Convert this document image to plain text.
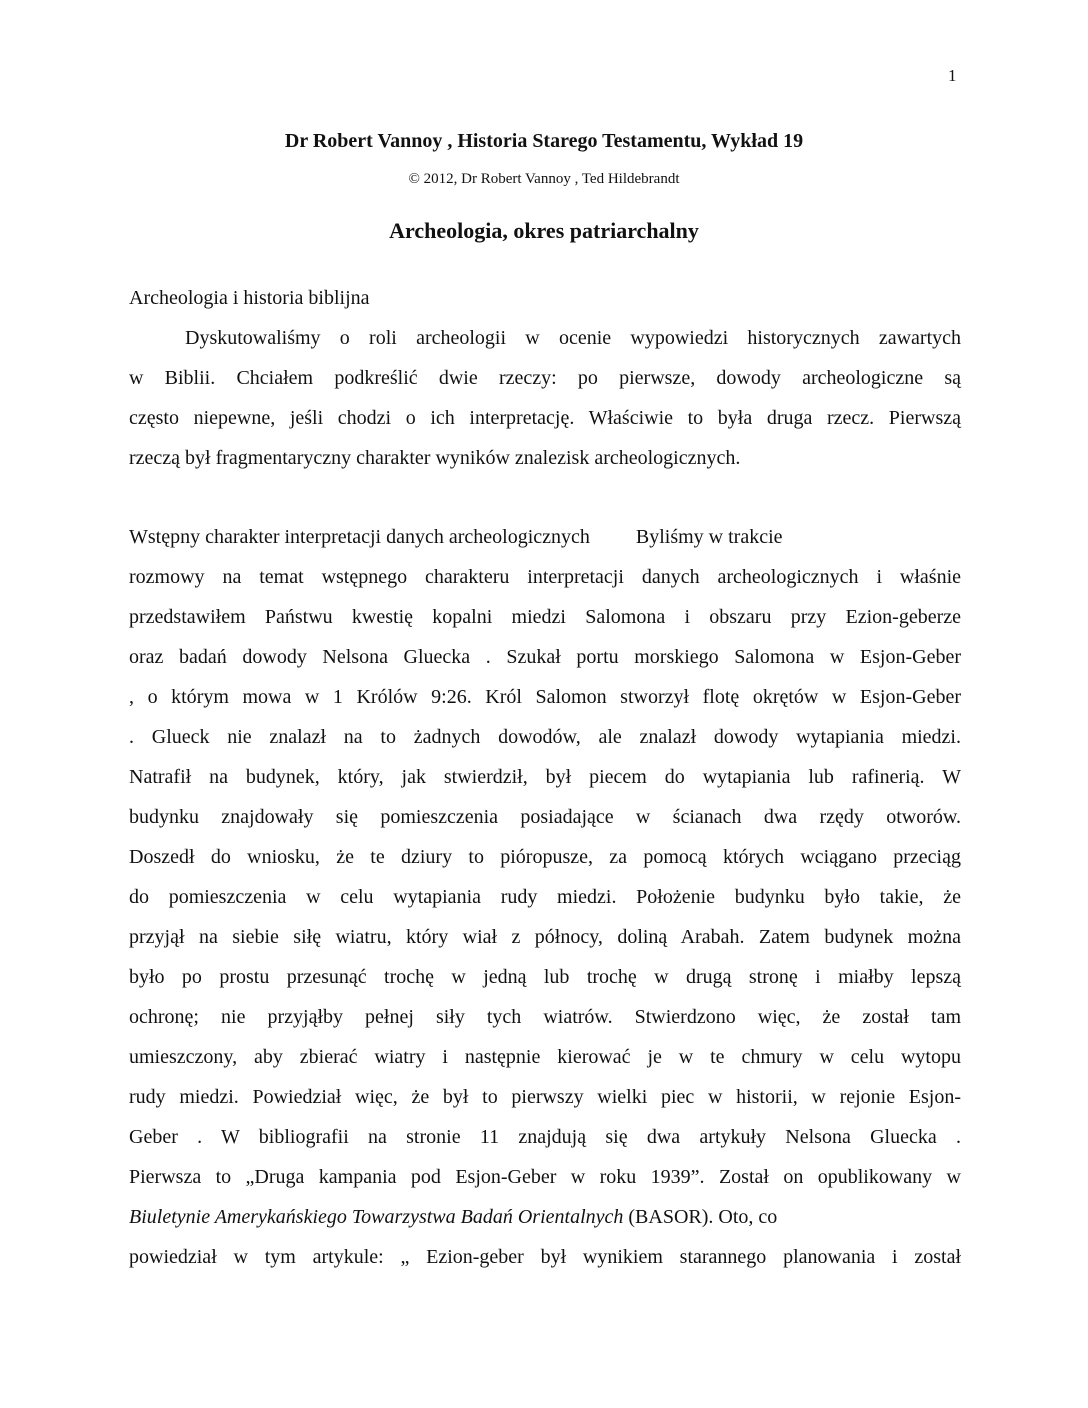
1
Dr Robert Vannoy , Historia Starego Testamentu, Wykład 19
© 2012, Dr Robert Vannoy , Ted Hildebrandt
Archeologia, okres patriarchalny
Archeologia i historia biblijna
Dyskutowaliśmy o roli archeologii w ocenie wypowiedzi historycznych zawartych
w Biblii. Chciałem podkreślić dwie rzeczy: po pierwsze, dowody archeologiczne są
często niepewne, jeśli chodzi o ich interpretację. Właściwie to była druga rzecz. Pierwszą
rzeczą był fragmentaryczny charakter wyników znalezisk archeologicznych.
Wstępny charakter interpretacji danych archeologicznych Byliśmy w trakcie
rozmowy na temat wstępnego charakteru interpretacji danych archeologicznych i właśnie
przedstawiłem Państwu kwestię kopalni miedzi Salomona i obszaru przy Ezion-geberze
oraz badań dowody Nelsona Gluecka . Szukał portu morskiego Salomona w Esjon-Geber
, o którym mowa w 1 Królów 9:26. Król Salomon stworzył flotę okrętów w Esjon-Geber
. Glueck nie znalazł na to żadnych dowodów, ale znalazł dowody wytapiania miedzi.
Natrafił na budynek, który, jak stwierdził, był piecem do wytapiania lub rafinerią. W
budynku znajdowały się pomieszczenia posiadające w ścianach dwa rzędy otworów.
Doszedł do wniosku, że te dziury to pióropusze, za pomocą których wciągano przeciąg
do pomieszczenia w celu wytapiania rudy miedzi. Położenie budynku było takie, że
przyjął na siebie siłę wiatru, który wiał z północy, doliną Arabah. Zatem budynek można
było po prostu przesunąć trochę w jedną lub trochę w drugą stronę i miałby lepszą
ochronę; nie przyjąłby pełnej siły tych wiatrów. Stwierdzono więc, że został tam
umieszczony, aby zbierać wiatry i następnie kierować je w te chmury w celu wytopu
rudy miedzi. Powiedział więc, że był to pierwszy wielki piec w historii, w rejonie Esjon-
Geber . W bibliografii na stronie 11 znajdują się dwa artykuły Nelsona Gluecka .
Pierwsza to „Druga kampania pod Esjon-Geber w roku 1939”. Został on opublikowany w
Biuletynie Amerykańskiego Towarzystwa Badań Orientalnych (BASOR). Oto, co
powiedział w tym artykule: „ Ezion-geber był wynikiem starannego planowania i został
